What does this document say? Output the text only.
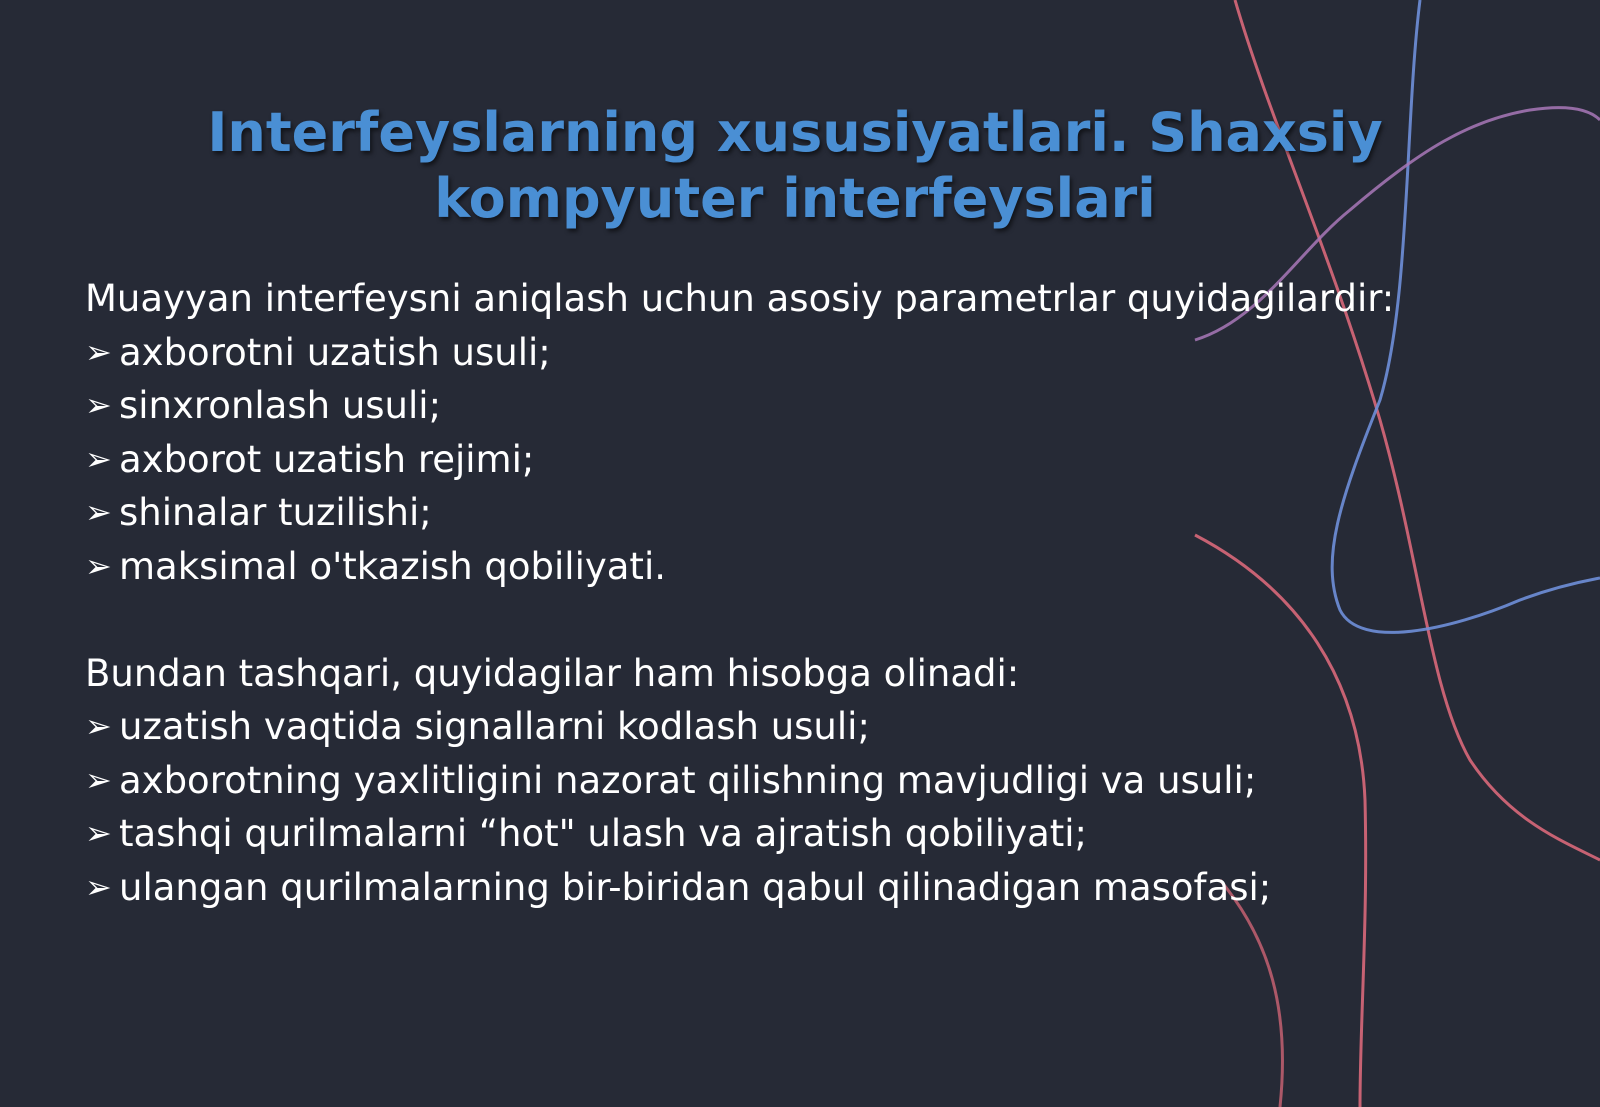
Interfeyslarning xususiyatlari. Shaxsiy kompyuter interfeyslari
Muayyan interfeysni aniqlash uchun asosiy parametrlar quyidagilardir:
➢ axborotni uzatish usuli;
➢ sinxronlash usuli;
➢ axborot uzatish rejimi;
➢ shinalar tuzilishi;
➢ maksimal o'tkazish qobiliyati.
Bundan tashqari, quyidagilar ham hisobga olinadi:
➢ uzatish vaqtida signallarni kodlash usuli;
➢ axborotning yaxlitligini nazorat qilishning mavjudligi va usuli;
➢ tashqi qurilmalarni “hot" ulash va ajratish qobiliyati;
➢ ulangan qurilmalarning bir-biridan qabul qilinadigan masofasi;
